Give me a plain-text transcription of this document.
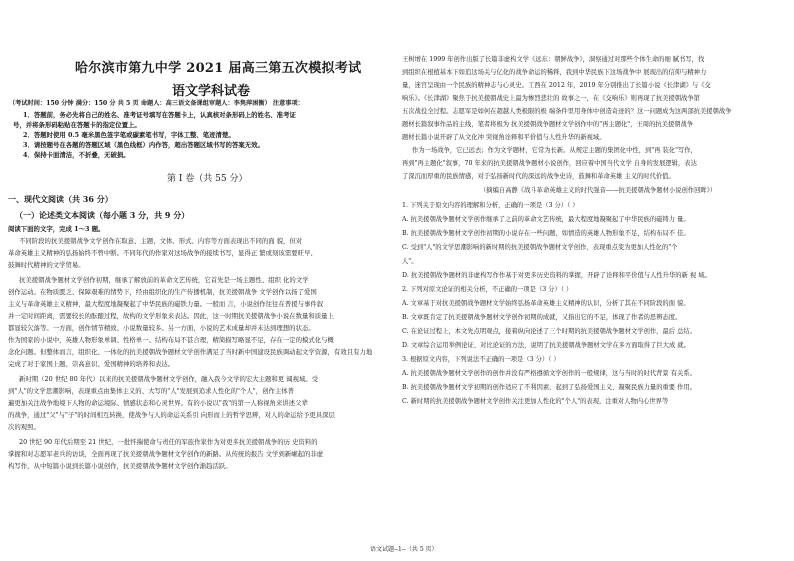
哈尔滨市第九中学 2021 届高三第五次模拟考试
语文学科试卷
（考试时间：150 分钟 满分：150 分 共 5 页 命题人：高三语文备课组审题人：李隽萍困衡） 注意事项：
1．答题前，务必先将自己的姓名、准考证号填写在答题卡上，认真核对条形码上的姓名、准考证
号，并将条形码粘贴在答题卡的指定位置上。
2．答题时使用 0.5 毫米黑色签字笔或碳素笔书写，字体工整、笔迹清楚。
3．请按题号在各题的答题区域（黑色线框）内作答，超出答题区域书写的答案无效。
4．保持卡面清洁，不折叠，无破损。
第 I 卷（共 55 分）
一、现代文阅读（共 36 分）
（一）论述类文本阅读（每小题 3 分，共 9 分）
阅读下面的文字，完成 1～3 题。
不同阶段的抗美援朝战争文学创作在取意、主题、文体、形式、内容等方面表现出不同的面 貌，但对
革命英雄主义精神的弘扬始终不曾中断。不同年代的作家对这场战争的接续书写，显得正 繁或刻该需要旺早、
鼓舞时代精神的文学贸易。
抗美援朝战争题材文学创作初期，继承了解放前的革命文艺传统，它首先是一场主题性、组织 化的文学
创作运动。在物质匮乏、保障艰难的情势下，经由组织化的生产传播机制，抗美援朝战争 文学创作以扬了爱国
主义与革命英雄主义精神，最大程度地凝聚起了中华民族的磁铁力量。一般而 言，小说创作往往在普援与事件叙
并一定时间距离，需要较长的酝酿过程，故构的文学形象来表达。因此，这一时期抗美援朝战争小说在数量和质量上
都显较欠落等。一方面，创作情节精致、小说数量较多。另一方面，小说的艺术成量却并未达到理想的状态。
作为国家的小说中，英雄人物形象单调、性格单一、结构布局不甚合理，精简描写略显不足，存在一定的模式化与概
念化问题。但整体而言，组织化、一体化的抗美援朝战争题材文学创作满足了当时新中国建设民族调动起文学资源，有效且有力地
完成了对于家国上题、崇高意识、爱国精神的培养和表达。
新时期（20 世纪 80 年代）以来的抗美援朝战争题材文学创作，融入我今文学的宏大主题和更 阔视域。受
到"人"的文学思潮影响，表现重点由集体主义的、大写的"人"发展到追求人性化的"个人"，创作主体普
遍更加关注战争地境下人物的命运境际、情感状态和心灵世界。有的小说以"我"的第一人称视角来讲述父辈
的战争，通过"父"与"子"的时间相互转换，使战争与人的命运关系引 向形而上的哲学思辨，对人的命运给予更具深层
次的观照。
20 世纪 90 年代后期至 21 世纪，一批怀揣使命与责任的军旅作家作为对更多抗美援朝战争的历 史资料的
掌握和对志愿军老兵的访谈，全面再现了抗美援朝战争题材文学创作的新路。从传统的报告 文学到新崛起的非虚
构写作，从中短篇小说到长篇小说创作，抗美援朝战争题材文学创作渐趋活跃。
王树增在 1999 年创作出版了长篇非虚构文学《远东：朝鲜战争》，洞察通过对那些个体生命的细 腻书写，找
到组织在根植基本下如追这场关与亿化的战争命运的稀释，我到中华民族下这场战争中 展现出的信仰与精神力
量，迷宫呈现由一个民族的精神志与心灵史。工西在 2012 年，2019 年分别推出了长篇小说《长津湖》与《交
响乐》。《长津湖》聚焦于抗美援朝战史上最为惨烈悲壮的 故事之一，在《交响乐》则再现了抗美援朝战争第
五次战役全过程。志愿军是如何在超越人类极限的极 端条件里用身体中创造奇迹的？这一问题成为这两部抗美援朝战争
题材长篇叙事作品的主线，笔者将极为 抗美援朝战争题材文学创作中的"再主题化"，王周的抗美援朝战争
题材长篇小说开辟了从文化冲 突视角诠释和平价值与人性升华的新视域。
作为一场战争，它已远去；作为文学题材，它常为长新。从规定主题的集团化中性，到"再 装化"写作，
再到"再主题化"叙事，70 年来的抗美援朝战争题材小说创作，回应着中国当代文学 自身的发展逻辑，表达
了深沉而厚重的民族情感，对于弘扬新时代的深远的战争史诗，鼓舞和革命英雄 主义的时代价值。
（摘编自高静《战斗革命英雄主义的时代强音——抗美援朝战争题材小说创作回眸》）
1. 下列关于原文内容的理解和分析，正确的一项是（3 分）（ ）
A. 抗美援朝战争题材文学创作继承了之前的革命文艺传统，最大程度地凝聚起了中华民族的磁铸力 量。
B. 抗美援朝战争题材文学创作初期的小说存在一些问题，如情造的英雄人物形象不足，结构布局不 佳。
C. 受到"人"的文学思潮影响的新时期的抗美援朝战争题材文学创作，表现重点变为更加人性化的"个
人"。
D. 抗美援朝战争题材的非虚构写作作基于对更多历史资料的掌握，开辟了诠释和平价值与人性升华的新 视 域。
2. 下列对原文论证的相关分析，不正确的一项是（3 分）（ ）
A. 文章基于对抗美援朝战争题材文学始终弘扬革命英雄主义精神的认识，分析了其在不同阶段的面 貌。
B. 文章既肯定了抗美援朝战争题材文学创作初期的成就，又指出它的不足，体现了作者的思辨态度。
C. 在论证过程上，本文先点明观点，接着纵向论述了三个时期的抗美援朝战争题材文学创作，最后 总结。
D. 文章综合运用举例论证、对比论证的方法，说明了抗美援朝战争题材文学在多方面取得了巨大成 就。
3. 根据原文内容，下列说法不正确的一项是（3 分）（ ）
A. 抗美援朝战争题材文学创作的创作并没有严格遵循文学创作的一般规律，这与当时的时代背景 有关系。
B. 抗美援朝战争题材文学初期的创作适应了不利因素，起到了弘扬爱国主义、凝聚民族力量的重要 作用。
C. 新时期的抗美援朝战争题材文学创作关注更加人性化的"个人"的表现，注重对人物内心世界等
语文试题--1--（共 5 页）
